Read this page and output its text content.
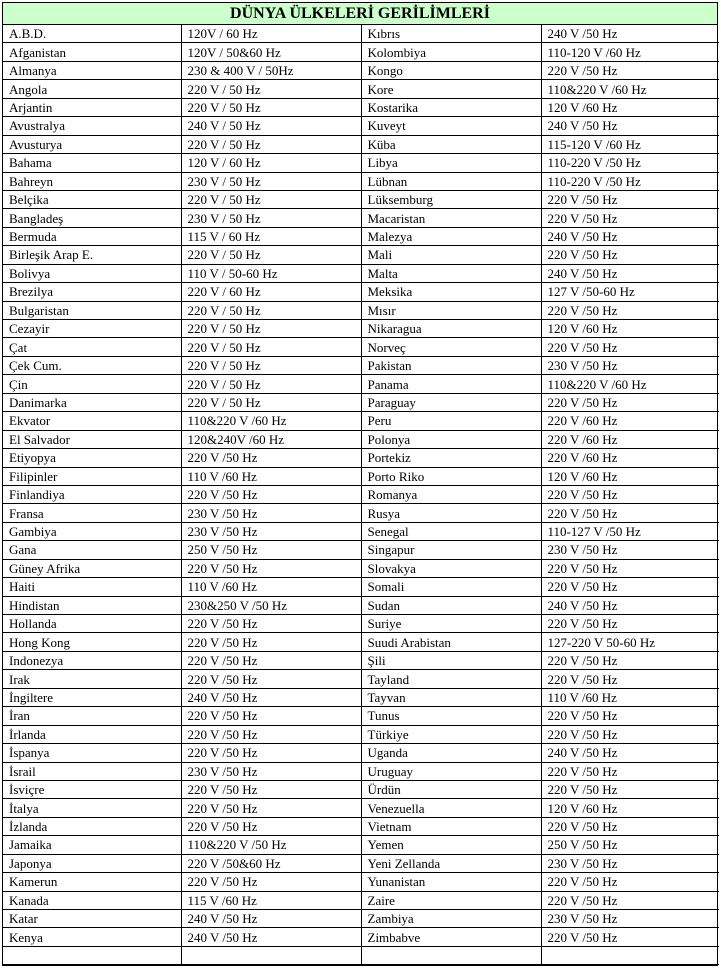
DÜNYA ÜLKELERİ GERİLİMLERİ
A.B.D.	120V / 60 Hz	Kıbrıs	240 V /50 Hz
Afganistan	120V / 50&60 Hz	Kolombiya	110-120 V /60 Hz
Almanya	230 & 400 V / 50Hz	Kongo	220 V /50 Hz
Angola	220 V / 50 Hz	Kore	110&220 V /60 Hz
Arjantin	220 V / 50 Hz	Kostarika	120 V /60 Hz
Avustralya	240 V / 50 Hz	Kuveyt	240 V /50 Hz
Avusturya	220 V / 50 Hz	Küba	115-120 V /60 Hz
Bahama	120 V / 60 Hz	Libya	110-220 V /50 Hz
Bahreyn	230 V / 50 Hz	Lübnan	110-220 V /50 Hz
Belçika	220 V / 50 Hz	Lüksemburg	220 V /50 Hz
Bangladeş	230 V / 50 Hz	Macaristan	220 V /50 Hz
Bermuda	115 V / 60 Hz	Malezya	240 V /50 Hz
Birleşik Arap E.	220 V / 50 Hz	Mali	220 V /50 Hz
Bolivya	110 V / 50-60 Hz	Malta	240 V /50 Hz
Brezilya	220 V / 60 Hz	Meksika	127 V /50-60 Hz
Bulgaristan	220 V / 50 Hz	Mısır	220 V /50 Hz
Cezayir	220 V / 50 Hz	Nikaragua	120 V /60 Hz
Çat	220 V / 50 Hz	Norveç	220 V /50 Hz
Çek Cum.	220 V / 50 Hz	Pakistan	230 V /50 Hz
Çin	220 V / 50 Hz	Panama	110&220 V /60 Hz
Danimarka	220 V / 50 Hz	Paraguay	220 V /50 Hz
Ekvator	110&220 V /60 Hz	Peru	220 V /60 Hz
El Salvador	120&240V /60 Hz	Polonya	220 V /60 Hz
Etiyopya	220 V /50 Hz	Portekiz	220 V /60 Hz
Filipinler	110 V /60 Hz	Porto Riko	120 V /60 Hz
Finlandiya	220 V /50 Hz	Romanya	220 V /50 Hz
Fransa	230 V /50 Hz	Rusya	220 V /50 Hz
Gambiya	230 V /50 Hz	Senegal	110-127 V /50 Hz
Gana	250 V /50 Hz	Singapur	230 V /50 Hz
Güney Afrika	220 V /50 Hz	Slovakya	220 V /50 Hz
Haiti	110 V /60 Hz	Somali	220 V /50 Hz
Hindistan	230&250 V /50 Hz	Sudan	240 V /50 Hz
Hollanda	220 V /50 Hz	Suriye	220 V /50 Hz
Hong Kong	220 V /50 Hz	Suudi Arabistan	127-220 V 50-60 Hz
Indonezya	220 V /50 Hz	Şili	220 V /50 Hz
Irak	220 V /50 Hz	Tayland	220 V /50 Hz
İngiltere	240 V /50 Hz	Tayvan	110 V /60 Hz
İran	220 V /50 Hz	Tunus	220 V /50 Hz
İrlanda	220 V /50 Hz	Türkiye	220 V /50 Hz
İspanya	220 V /50 Hz	Uganda	240 V /50 Hz
İsrail	230 V /50 Hz	Uruguay	220 V /50 Hz
İsviçre	220 V /50 Hz	Ürdün	220 V /50 Hz
İtalya	220 V /50 Hz	Venezuella	120 V /60 Hz
İzlanda	220 V /50 Hz	Vietnam	220 V /50 Hz
Jamaika	110&220 V /50 Hz	Yemen	250 V /50 Hz
Japonya	220 V /50&60 Hz	Yeni Zellanda	230 V /50 Hz
Kamerun	220 V /50 Hz	Yunanistan	220 V /50 Hz
Kanada	115 V /60 Hz	Zaire	220 V /50 Hz
Katar	240 V /50 Hz	Zambiya	230 V /50 Hz
Kenya	240 V /50 Hz	Zimbabve	220 V /50 Hz
